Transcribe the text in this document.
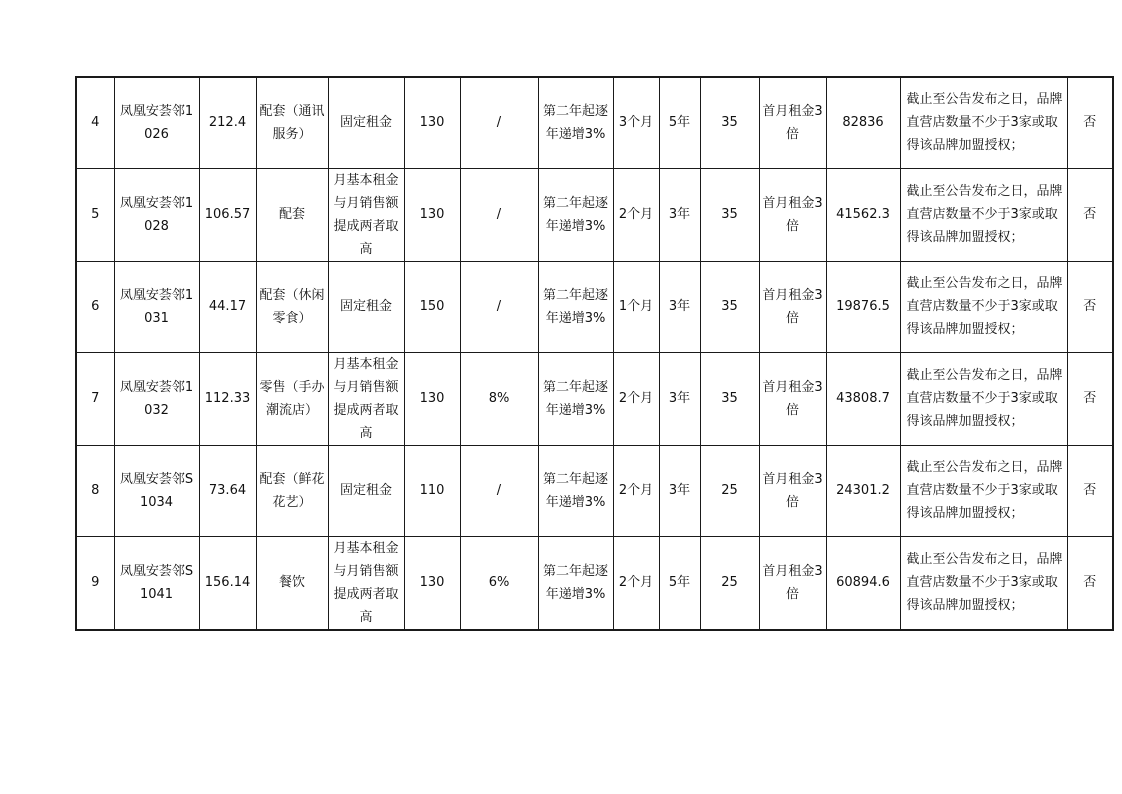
4	凤凰安荟邻1026	212.4	配套（通讯服务）	固定租金	130	/	第二年起逐年递增3%	3个月	5年	35	首月租金3倍	82836	截止至公告发布之日，品牌直营店数量不少于3家或取得该品牌加盟授权；	否
5	凤凰安荟邻1028	106.57	配套	月基本租金与月销售额提成两者取高	130	/	第二年起逐年递增3%	2个月	3年	35	首月租金3倍	41562.3	截止至公告发布之日，品牌直营店数量不少于3家或取得该品牌加盟授权；	否
6	凤凰安荟邻1031	44.17	配套（休闲零食）	固定租金	150	/	第二年起逐年递增3%	1个月	3年	35	首月租金3倍	19876.5	截止至公告发布之日，品牌直营店数量不少于3家或取得该品牌加盟授权；	否
7	凤凰安荟邻1032	112.33	零售（手办潮流店）	月基本租金与月销售额提成两者取高	130	8%	第二年起逐年递增3%	2个月	3年	35	首月租金3倍	43808.7	截止至公告发布之日，品牌直营店数量不少于3家或取得该品牌加盟授权；	否
8	凤凰安荟邻S1034	73.64	配套（鲜花花艺）	固定租金	110	/	第二年起逐年递增3%	2个月	3年	25	首月租金3倍	24301.2	截止至公告发布之日，品牌直营店数量不少于3家或取得该品牌加盟授权；	否
9	凤凰安荟邻S1041	156.14	餐饮	月基本租金与月销售额提成两者取高	130	6%	第二年起逐年递增3%	2个月	5年	25	首月租金3倍	60894.6	截止至公告发布之日，品牌直营店数量不少于3家或取得该品牌加盟授权；	否
